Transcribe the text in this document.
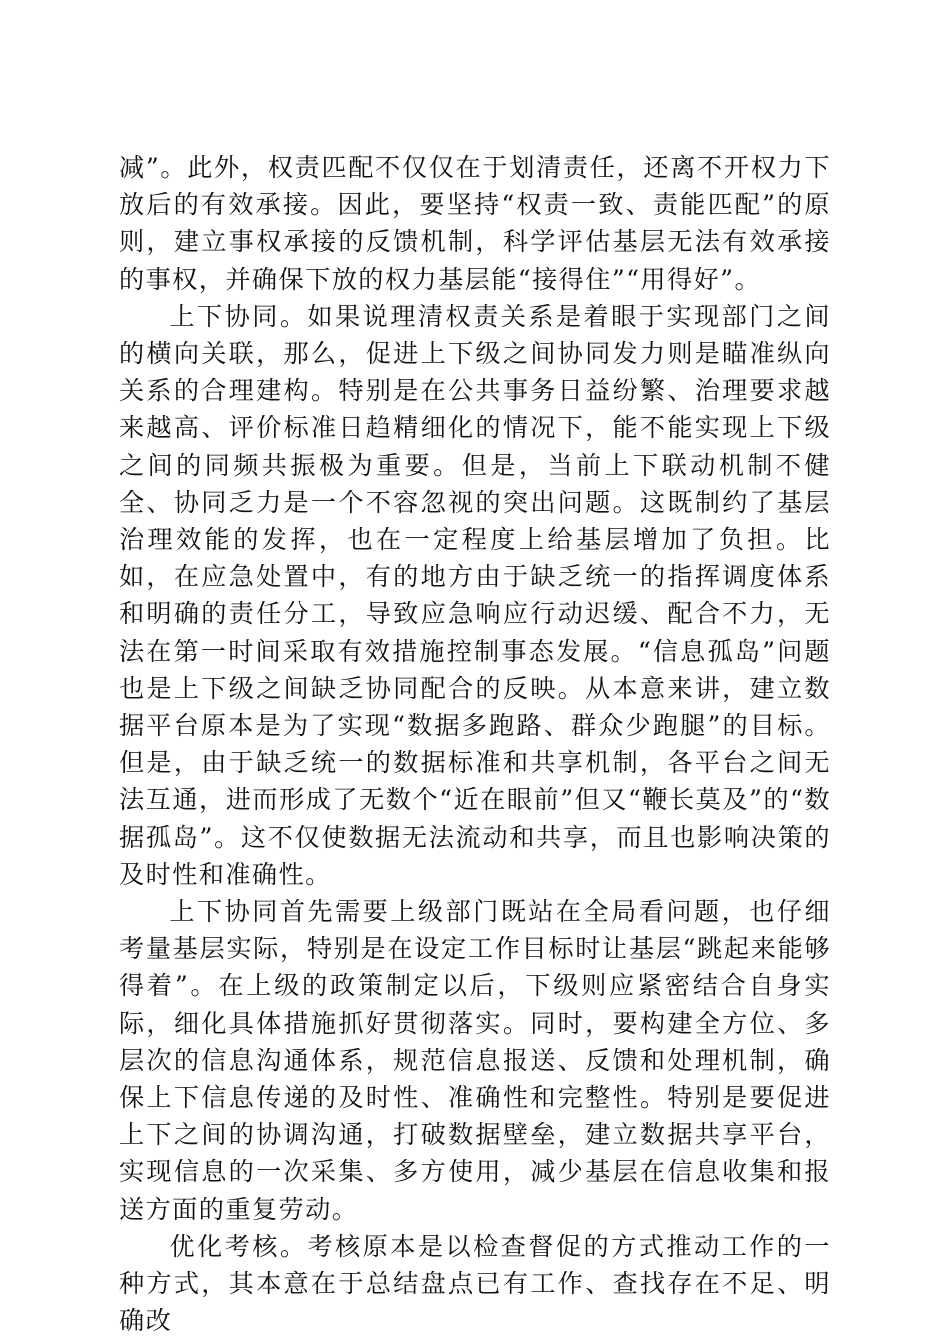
减”。此外，权责匹配不仅仅在于划清责任，还离不开权力下放后的有效承接。因此，要坚持“权责一致、责能匹配”的原则，建立事权承接的反馈机制，科学评估基层无法有效承接的事权，并确保下放的权力基层能“接得住”“用得好”。

上下协同。如果说理清权责关系是着眼于实现部门之间的横向关联，那么，促进上下级之间协同发力则是瞄准纵向关系的合理建构。特别是在公共事务日益纷繁、治理要求越来越高、评价标准日趋精细化的情况下，能不能实现上下级之间的同频共振极为重要。但是，当前上下联动机制不健全、协同乏力是一个不容忽视的突出问题。这既制约了基层治理效能的发挥，也在一定程度上给基层增加了负担。比如，在应急处置中，有的地方由于缺乏统一的指挥调度体系和明确的责任分工，导致应急响应行动迟缓、配合不力，无法在第一时间采取有效措施控制事态发展。“信息孤岛”问题也是上下级之间缺乏协同配合的反映。从本意来讲，建立数据平台原本是为了实现“数据多跑路、群众少跑腿”的目标。但是，由于缺乏统一的数据标准和共享机制，各平台之间无法互通，进而形成了无数个“近在眼前”但又“鞭长莫及”的“数据孤岛”。这不仅使数据无法流动和共享，而且也影响决策的及时性和准确性。

上下协同首先需要上级部门既站在全局看问题，也仔细考量基层实际，特别是在设定工作目标时让基层“跳起来能够得着”。在上级的政策制定以后，下级则应紧密结合自身实际，细化具体措施抓好贯彻落实。同时，要构建全方位、多层次的信息沟通体系，规范信息报送、反馈和处理机制，确保上下信息传递的及时性、准确性和完整性。特别是要促进上下之间的协调沟通，打破数据壁垒，建立数据共享平台，实现信息的一次采集、多方使用，减少基层在信息收集和报送方面的重复劳动。

优化考核。考核原本是以检查督促的方式推动工作的一种方式，其本意在于总结盘点已有工作、查找存在不足、明确改
